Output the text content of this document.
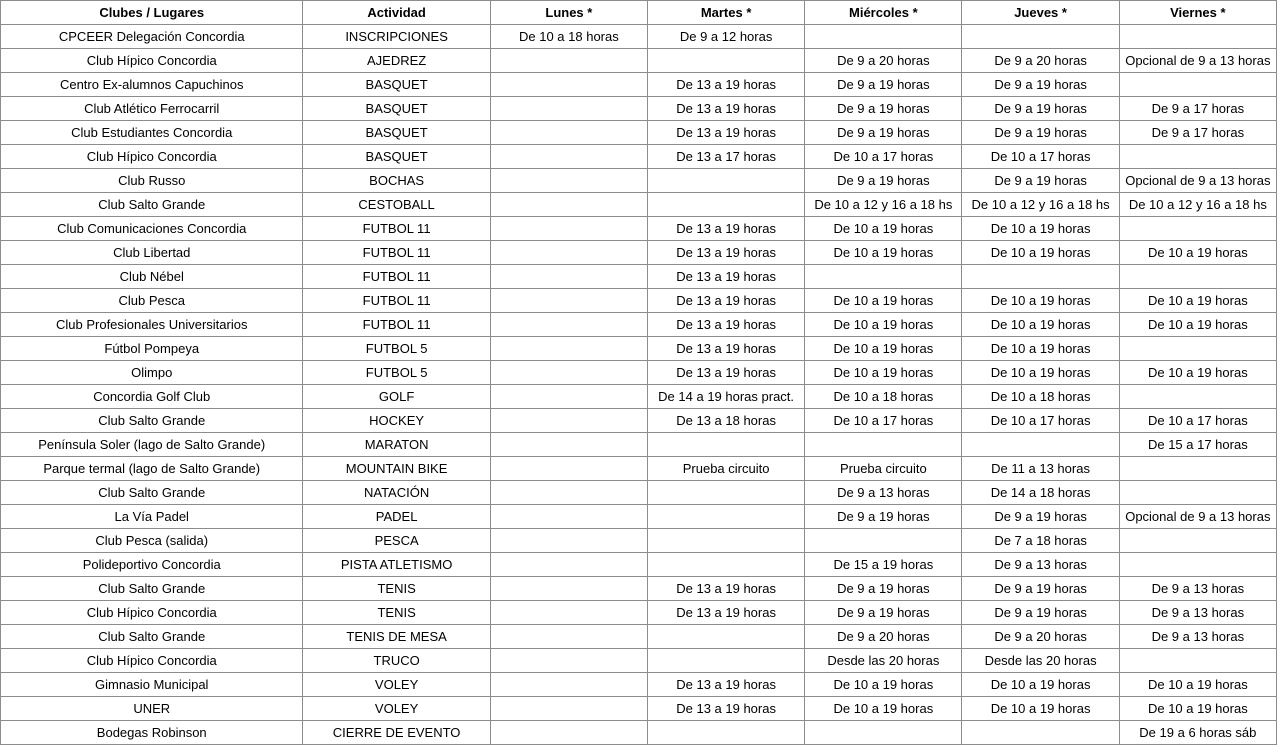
Clubes / Lugares	Actividad	Lunes *	Martes *	Miércoles *	Jueves *	Viernes *
CPCEER Delegación Concordia	INSCRIPCIONES	De 10 a 18 horas	De 9 a 12 horas			
Club Hípico Concordia	AJEDREZ			De 9 a 20 horas	De 9 a 20 horas	Opcional de 9 a 13 horas
Centro Ex-alumnos Capuchinos	BASQUET		De 13 a 19 horas	De 9 a 19 horas	De 9 a 19 horas	
Club Atlético Ferrocarril	BASQUET		De 13 a 19 horas	De 9 a 19 horas	De 9 a 19 horas	De 9 a 17 horas
Club Estudiantes Concordia	BASQUET		De 13 a 19 horas	De 9 a 19 horas	De 9 a 19 horas	De 9 a 17 horas
Club Hípico Concordia	BASQUET		De 13 a 17 horas	De 10 a 17 horas	De 10 a 17 horas	
Club Russo	BOCHAS			De 9 a 19 horas	De 9 a 19 horas	Opcional de 9 a 13 horas
Club Salto Grande	CESTOBALL			De 10 a 12 y 16 a 18 hs	De 10 a 12 y 16 a 18 hs	De 10 a 12 y 16 a 18 hs
Club Comunicaciones Concordia	FUTBOL 11		De 13 a 19 horas	De 10 a 19 horas	De 10 a 19 horas	
Club Libertad	FUTBOL 11		De 13 a 19 horas	De 10 a 19 horas	De 10 a 19 horas	De 10 a 19 horas
Club Nébel	FUTBOL 11		De 13 a 19 horas			
Club Pesca	FUTBOL 11		De 13 a 19 horas	De 10 a 19 horas	De 10 a 19 horas	De 10 a 19 horas
Club Profesionales Universitarios	FUTBOL 11		De 13 a 19 horas	De 10 a 19 horas	De 10 a 19 horas	De 10 a 19 horas
Fútbol Pompeya	FUTBOL 5		De 13 a 19 horas	De 10 a 19 horas	De 10 a 19 horas	
Olimpo	FUTBOL 5		De 13 a 19 horas	De 10 a 19 horas	De 10 a 19 horas	De 10 a 19 horas
Concordia Golf Club	GOLF		De 14 a 19 horas pract.	De 10 a 18 horas	De 10 a 18 horas	
Club Salto Grande	HOCKEY		De 13 a 18 horas	De 10 a 17 horas	De 10 a 17 horas	De 10 a 17 horas
Península Soler (lago de Salto Grande)	MARATON					De 15 a 17 horas
Parque termal (lago de Salto Grande)	MOUNTAIN BIKE		Prueba circuito	Prueba circuito	De 11 a 13 horas	
Club Salto Grande	NATACIÓN			De 9 a 13 horas	De 14 a 18 horas	
La Vía Padel	PADEL			De 9 a 19 horas	De 9 a 19 horas	Opcional de 9 a 13 horas
Club Pesca (salida)	PESCA				De 7 a 18 horas	
Polideportivo Concordia	PISTA ATLETISMO			De 15 a 19 horas	De 9 a 13 horas	
Club Salto Grande	TENIS		De 13 a 19 horas	De 9 a 19 horas	De 9 a 19 horas	De 9 a 13 horas
Club Hípico Concordia	TENIS		De 13 a 19 horas	De 9 a 19 horas	De 9 a 19 horas	De 9 a 13 horas
Club Salto Grande	TENIS DE MESA			De 9 a 20 horas	De 9 a 20 horas	De 9 a 13 horas
Club Hípico Concordia	TRUCO			Desde las 20 horas	Desde las 20 horas	
Gimnasio Municipal	VOLEY		De 13 a 19 horas	De 10 a 19 horas	De 10 a 19 horas	De 10 a 19 horas
UNER	VOLEY		De 13 a 19 horas	De 10 a 19 horas	De 10 a 19 horas	De 10 a 19 horas
Bodegas Robinson	CIERRE DE EVENTO					De 19 a 6 horas sáb
